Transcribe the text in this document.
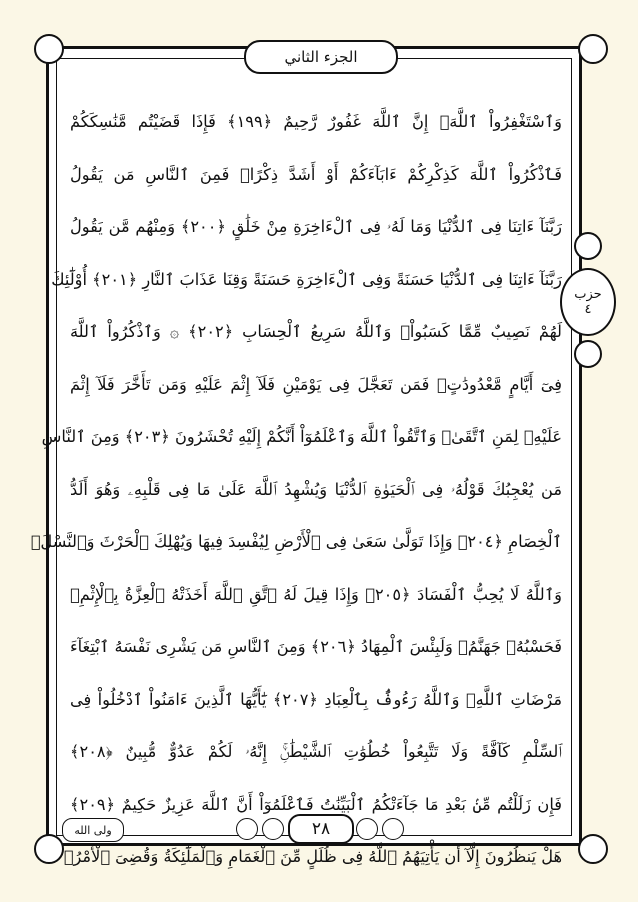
الجزء الثاني
وَٱسْتَغْفِرُواْ ٱللَّهَۚ إِنَّ ٱللَّهَ غَفُورٌ رَّحِيمٌ ﴿١٩٩﴾ فَإِذَا قَضَيْتُم مَّنَٰسِكَكُمْ
فَٱذْكُرُواْ ٱللَّهَ كَذِكْرِكُمْ ءَابَآءَكُمْ أَوْ أَشَدَّ ذِكْرًاۗ فَمِنَ ٱلنَّاسِ مَن يَقُولُ
رَبَّنَآ ءَاتِنَا فِى ٱلدُّنْيَا وَمَا لَهُۥ فِى ٱلْءَاخِرَةِ مِنْ خَلَٰقٍ ﴿٢٠٠﴾ وَمِنْهُم مَّن يَقُولُ
رَبَّنَآ ءَاتِنَا فِى ٱلدُّنْيَا حَسَنَةً وَفِى ٱلْءَاخِرَةِ حَسَنَةً وَقِنَا عَذَابَ ٱلنَّارِ ﴿٢٠١﴾ أُوْلَٰٓئِكَ
لَهُمْ نَصِيبٌ مِّمَّا كَسَبُواْۚ وَٱللَّهُ سَرِيعُ ٱلْحِسَابِ ﴿٢٠٢﴾ ۞ وَٱذْكُرُواْ ٱللَّهَ
فِىٓ أَيَّامٍ مَّعْدُودَٰتٍۚ فَمَن تَعَجَّلَ فِى يَوْمَيْنِ فَلَآ إِثْمَ عَلَيْهِ وَمَن تَأَخَّرَ فَلَآ إِثْمَ
عَلَيْهِۚ لِمَنِ ٱتَّقَىٰۗ وَٱتَّقُواْ ٱللَّهَ وَٱعْلَمُوٓاْ أَنَّكُمْ إِلَيْهِ تُحْشَرُونَ ﴿٢٠٣﴾ وَمِنَ ٱلنَّاسِ
مَن يُعْجِبُكَ قَوْلُهُۥ فِى ٱلْحَيَوٰةِ ٱلدُّنْيَا وَيُشْهِدُ ٱللَّهَ عَلَىٰ مَا فِى قَلْبِهِۦ وَهُوَ أَلَدُّ
ٱلْخِصَامِ ﴿٢٠٤﴾ وَإِذَا تَوَلَّىٰ سَعَىٰ فِى ٱلْأَرْضِ لِيُفْسِدَ فِيهَا وَيُهْلِكَ ٱلْحَرْثَ وَٱلنَّسْلَۗ
وَٱللَّهُ لَا يُحِبُّ ٱلْفَسَادَ ﴿٢٠٥﴾ وَإِذَا قِيلَ لَهُ ٱتَّقِ ٱللَّهَ أَخَذَتْهُ ٱلْعِزَّةُ بِٱلْإِثْمِۚ
فَحَسْبُهُۥ جَهَنَّمُۚ وَلَبِئْسَ ٱلْمِهَادُ ﴿٢٠٦﴾ وَمِنَ ٱلنَّاسِ مَن يَشْرِى نَفْسَهُ ٱبْتِغَآءَ
مَرْضَاتِ ٱللَّهِۗ وَٱللَّهُ رَءُوفٌۢ بِٱلْعِبَادِ ﴿٢٠٧﴾ يَٰٓأَيُّهَا ٱلَّذِينَ ءَامَنُواْ ٱدْخُلُواْ فِى
ٱلسِّلْمِ كَآفَّةً وَلَا تَتَّبِعُواْ خُطُوَٰتِ ٱلشَّيْطَٰنِۚ إِنَّهُۥ لَكُمْ عَدُوٌّ مُّبِينٌ ﴿٢٠٨﴾
فَإِن زَلَلْتُم مِّنۢ بَعْدِ مَا جَآءَتْكُمُ ٱلْبَيِّنَٰتُ فَٱعْلَمُوٓاْ أَنَّ ٱللَّهَ عَزِيزٌ حَكِيمٌ ﴿٢٠٩﴾
هَلْ يَنظُرُونَ إِلَّآ أَن يَأْتِيَهُمُ ٱللَّهُ فِى ظُلَلٍ مِّنَ ٱلْغَمَامِ وَٱلْمَلَٰٓئِكَةُ وَقُضِىَ ٱلْأَمْرُۚ
حزب
٤
ولى الله	٢٨
